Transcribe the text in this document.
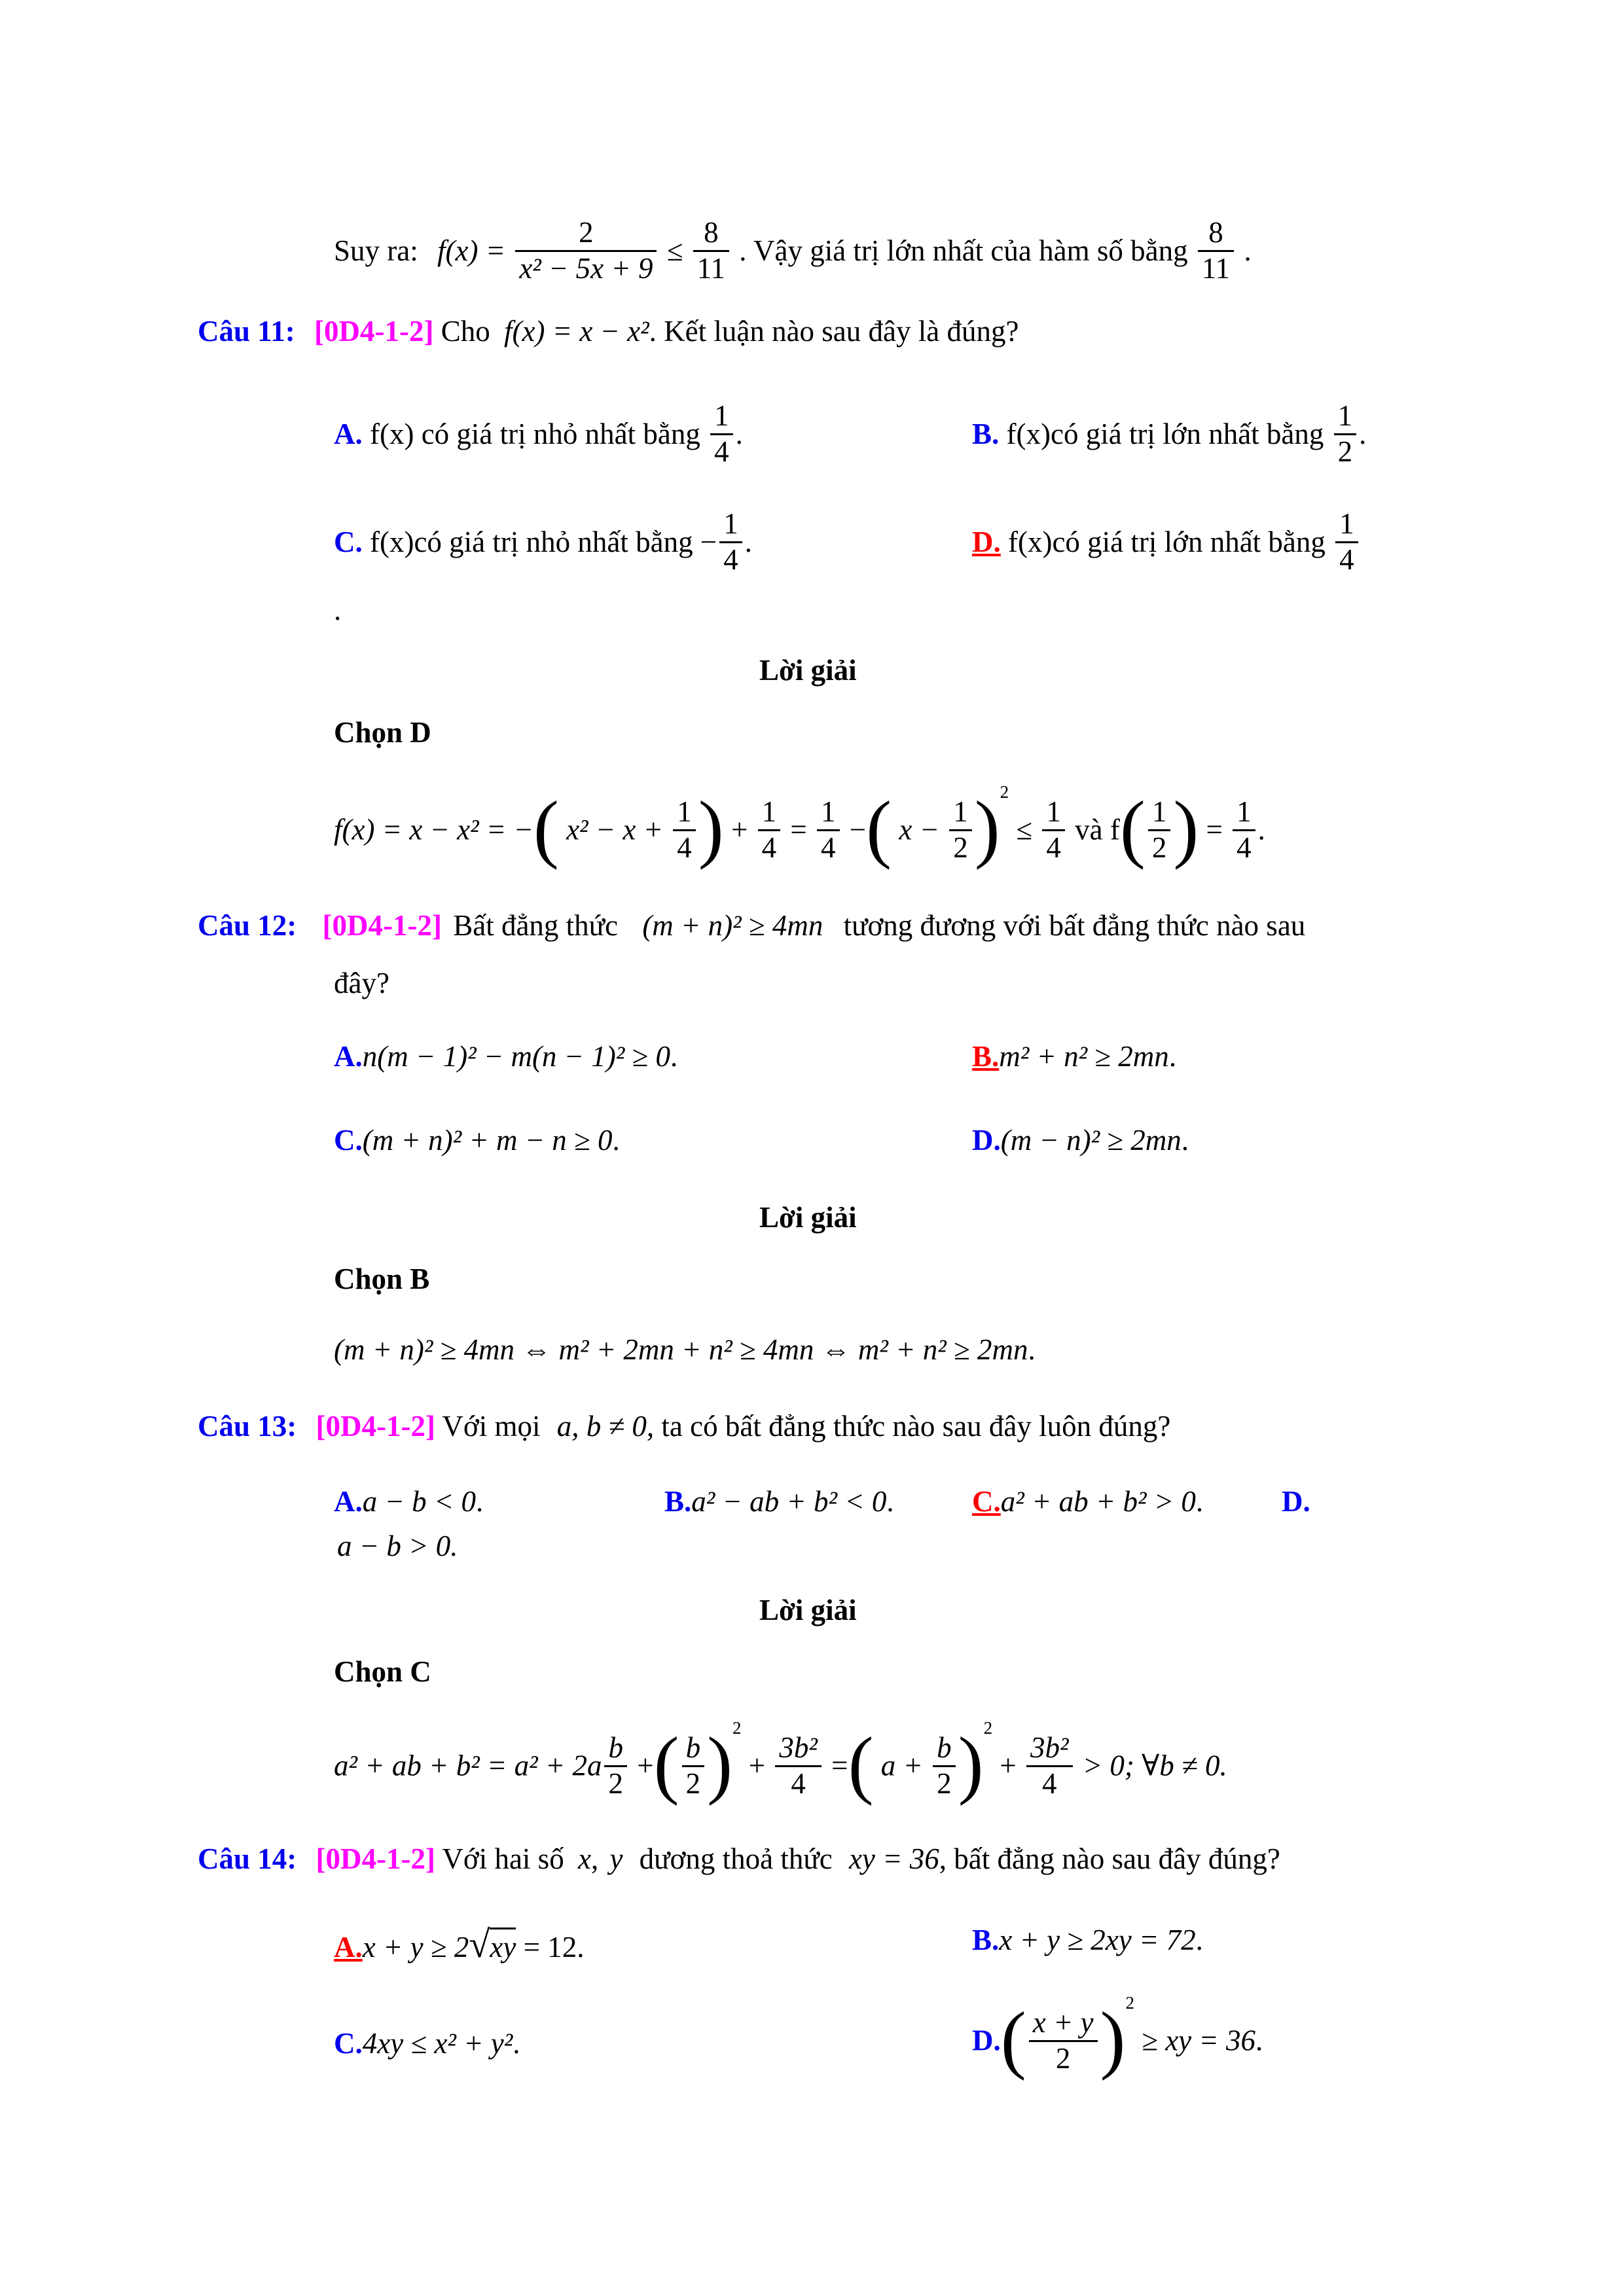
Suy ra: $f(x) = \frac{2}{\text{x² − 5x + 9}} \le \frac{8}{11}$ . Vậy giá trị lớn nhất của hàm số bằng $\frac{8}{11}$ .
Câu 11: [0D4-1-2] Cho f(x) = x − x². Kết luận nào sau đây là đúng?
A. f(x) có giá trị nhỏ nhất bằng $\frac{1}{4}$ .	B. f(x)có giá trị lớn nhất bằng $\frac{1}{2}$ .
C. f(x)có giá trị nhỏ nhất bằng − $\frac{1}{4}$ .	D. f(x)có giá trị lớn nhất bằng $\frac{1}{4}$
.
Lời giải
Chọn D
f(x) = x − x² = −( $x^2 - x + \frac{1}{4}$ ) + $\frac{1}{4} = \frac{1}{4}$ −( $x - \frac{1}{2} )^2 \le \frac{1}{4}$ và $f( \frac{1}{2}$ ) = $\frac{1}{4}$ .
Câu 12: [0D4-1-2] Bất đẳng thức (m + n)² ≥ 4mn tương đương với bất đẳng thức nào sau
đây?
A.n(m − 1)² − m(n − 1)² ≥ 0.	B.m² + n² ≥ 2mn.
C.(m + n)² + m − n ≥ 0.	D.(m − n)² ≥ 2mn.
Lời giải
Chọn B
(m + n)² ≥ 4mn ⇔ m² + 2mn + n² ≥ 4mn ⇔ m² + n² ≥ 2mn.
Câu 13: [0D4-1-2] Với mọi a, b ≠ 0, ta có bất đẳng thức nào sau đây luôn đúng?
A.a − b < 0.	B.a² − ab + b² < 0.	C.a² + ab + b² > 0.	D.
a − b > 0.
Lời giải
Chọn C
a² + ab + $b^2 = a^2 + 2a \frac{b}{2}$ +( $\frac{b}{2} )^2 + \frac{\text{3b²}}{4}$ =( $a + \frac{b}{2} )^2 + \frac{\text{3b²}}{4} > 0$; ∀b ≠ 0.
Câu 14: [0D4-1-2] Với hai số x, y dương thoả thức xy = 36, bất đẳng nào sau đây đúng?
A.x + y ≥ 2√xy = 12.	B.x + y ≥ 2xy = 72.
C.4xy ≤ x² + y².	$D.( \frac{x + y}{2} )^2$ ≥ xy = 36.
